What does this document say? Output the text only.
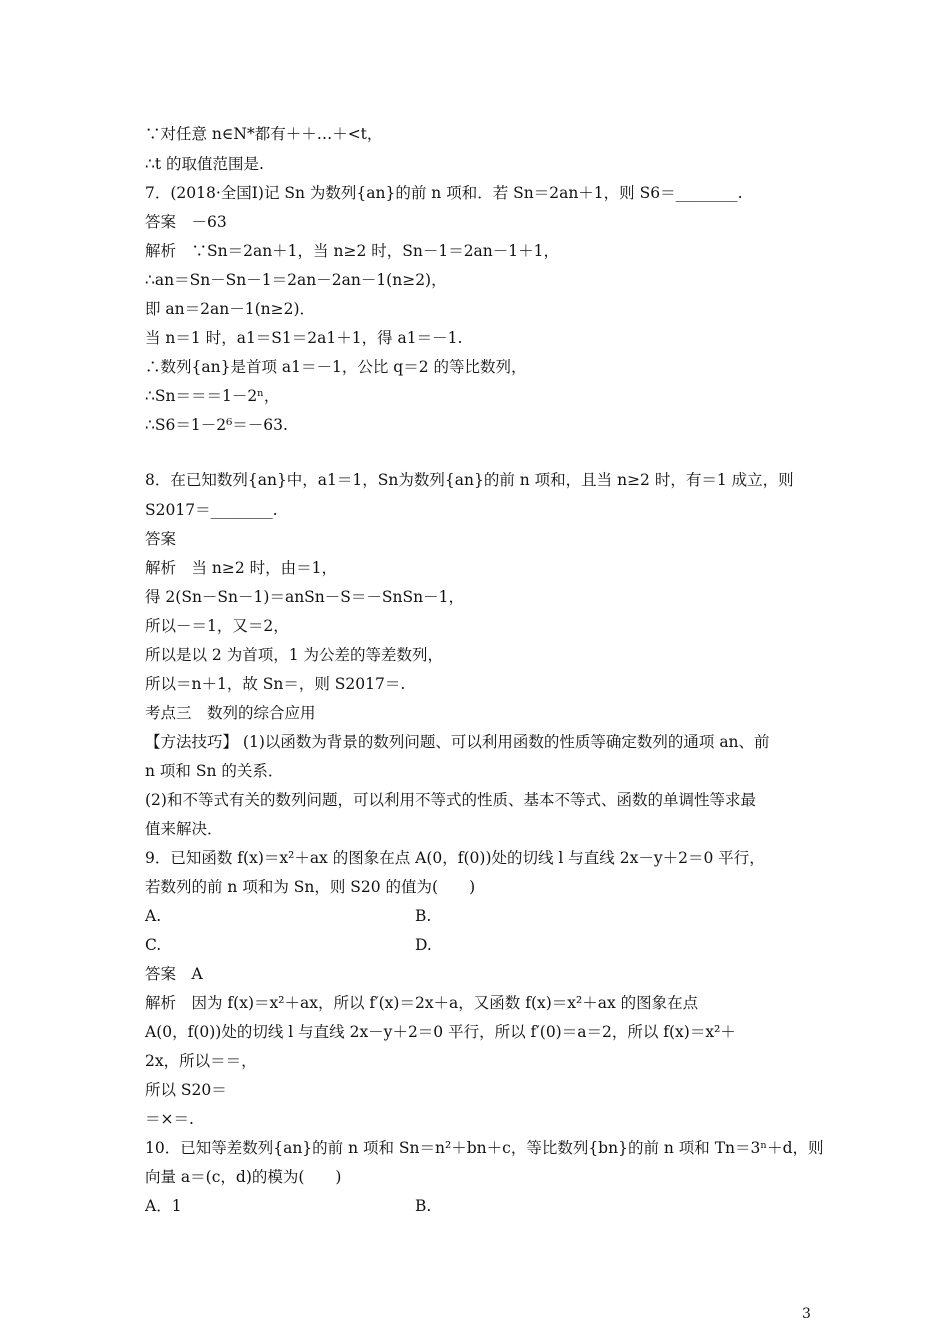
∵对任意 n∈N*都有＋＋…＋<t，
∴t 的取值范围是.
7．(2018·全国Ⅰ)记 Sn 为数列{an}的前 n 项和．若 Sn＝2an＋1，则 S6＝________.
答案　－63
解析　∵Sn＝2an＋1，当 n≥2 时，Sn－1＝2an－1＋1，
∴an＝Sn－Sn－1＝2an－2an－1(n≥2)，
即 an＝2an－1(n≥2)．
当 n＝1 时，a1＝S1＝2a1＋1，得 a1＝－1.
∴数列{an}是首项 a1＝－1，公比 q＝2 的等比数列，
∴Sn＝＝＝1－2ⁿ，
∴S6＝1－2⁶＝－63.
8．在已知数列{an}中，a1＝1，Sn为数列{an}的前 n 项和，且当 n≥2 时，有＝1 成立，则
S2017＝________.
答案
解析　当 n≥2 时，由＝1，
得 2(Sn－Sn－1)＝anSn－S＝－SnSn－1，
所以－＝1，又＝2，
所以是以 2 为首项，1 为公差的等差数列，
所以＝n＋1，故 Sn＝，则 S2017＝.
考点三　数列的综合应用
【方法技巧】 (1)以函数为背景的数列问题、可以利用函数的性质等确定数列的通项 an、前
n 项和 Sn 的关系．
(2)和不等式有关的数列问题，可以利用不等式的性质、基本不等式、函数的单调性等求最
值来解决．
9．已知函数 f(x)＝x²＋ax 的图象在点 A(0，f(0))处的切线 l 与直线 2x－y＋2＝0 平行，
若数列的前 n 项和为 Sn，则 S20 的值为(　　)
A.	B.
C.	D.
答案　A
解析　因为 f(x)＝x²＋ax，所以 f′(x)＝2x＋a，又函数 f(x)＝x²＋ax 的图象在点
A(0，f(0))处的切线 l 与直线 2x－y＋2＝0 平行，所以 f′(0)＝a＝2，所以 f(x)＝x²＋
2x，所以＝＝，
所以 S20＝
＝×＝.
10．已知等差数列{an}的前 n 项和 Sn＝n²＋bn＋c，等比数列{bn}的前 n 项和 Tn＝3ⁿ＋d，则
向量 a＝(c，d)的模为(　　)
A．1	B.
3
